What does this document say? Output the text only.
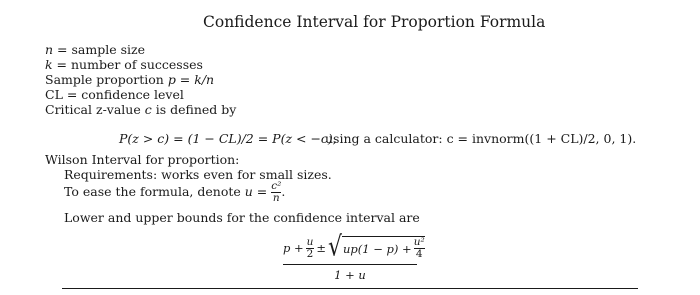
Confidence Interval for Proportion Formula
n = sample size
k = number of successes
Sample proportion p = k/n
CL = confidence level
Critical z-value c is defined by
P(z > c) = (1 − CL)/2 = P(z < −c),
using a calculator: c = invnorm((1 + CL)/2, 0, 1).
Wilson Interval for proportion:
Requirements: works even for small sizes.
To ease the formula, denote $u = \frac{\text{c²}}{n}$ .
Lower and upper bounds for the confidence interval are
$p + \frac{u}{2}$ ± √ $up(1 - p) + \frac{\text{u²}}{4}$
1 + u
